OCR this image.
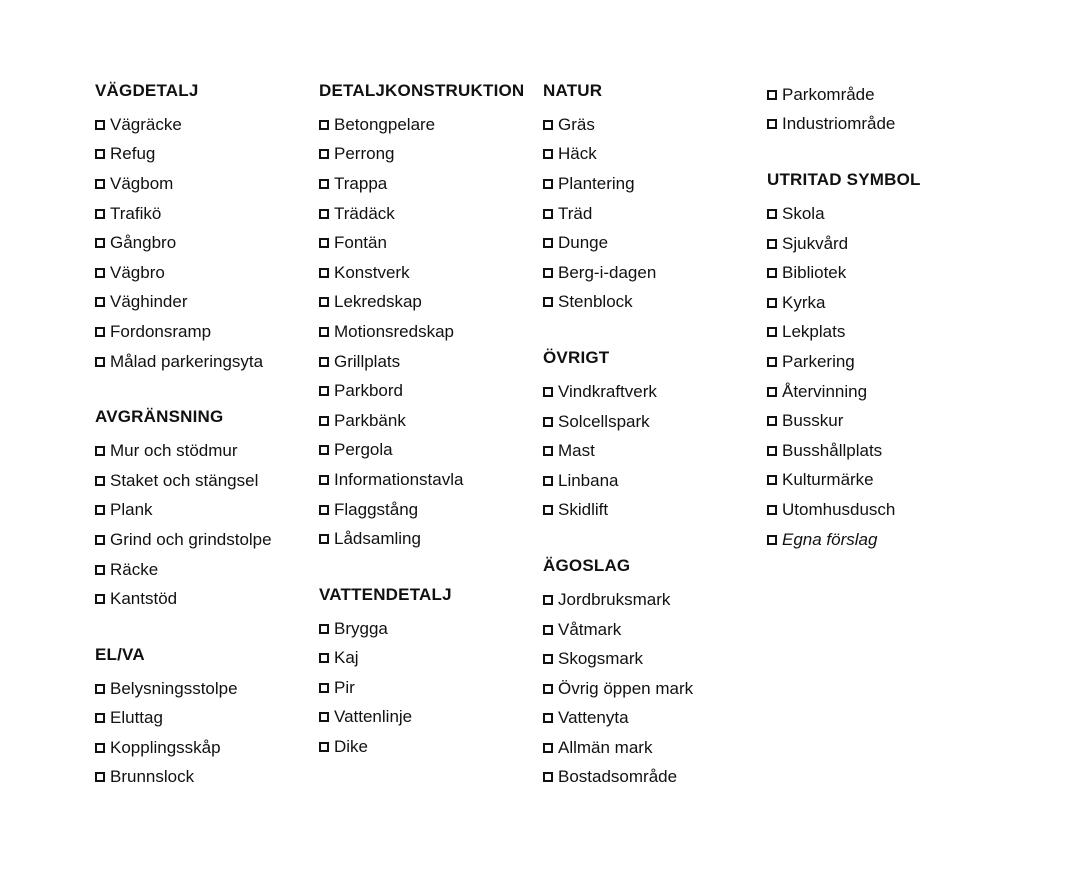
VÄGDETALJ
Vägräcke
Refug
Vägbom
Trafikö
Gångbro
Vägbro
Väghinder
Fordonsramp
Målad parkeringsyta
AVGRÄNSNING
Mur och stödmur
Staket och stängsel
Plank
Grind och grindstolpe
Räcke
Kantstöd
EL/VA
Belysningsstolpe
Eluttag
Kopplingsskåp
Brunnslock
DETALJKONSTRUKTION
Betongpelare
Perrong
Trappa
Trädäck
Fontän
Konstverk
Lekredskap
Motionsredskap
Grillplats
Parkbord
Parkbänk
Pergola
Informationstavla
Flaggstång
Lådsamling
VATTENDETALJ
Brygga
Kaj
Pir
Vattenlinje
Dike
NATUR
Gräs
Häck
Plantering
Träd
Dunge
Berg-i-dagen
Stenblock
ÖVRIGT
Vindkraftverk
Solcellspark
Mast
Linbana
Skidlift
ÄGOSLAG
Jordbruksmark
Våtmark
Skogsmark
Övrig öppen mark
Vattenyta
Allmän mark
Bostadsområde
Parkområde
Industriområde
UTRITAD SYMBOL
Skola
Sjukvård
Bibliotek
Kyrka
Lekplats
Parkering
Återvinning
Busskur
Busshållplats
Kulturmärke
Utomhusdusch
Egna förslag
